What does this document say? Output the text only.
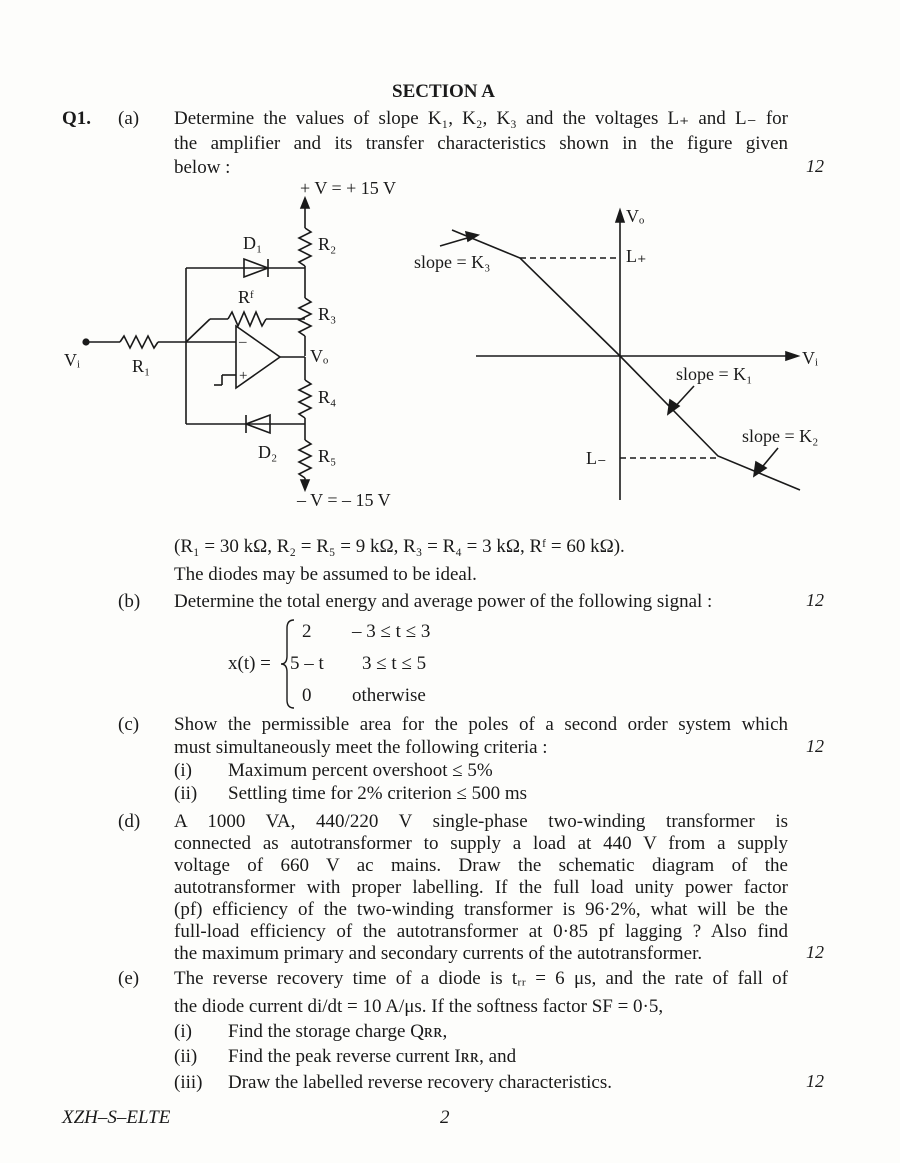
SECTION A
Q1. (a) Determine the values of slope K₁, K₂, K₃ and the voltages L₊ and L₋ for
the amplifier and its transfer characteristics shown in the figure given
below :	12
+ V = + 15 V
D₁	R₂
Rᶠ
R₃
Vᵢ	R₁	Vₒ
–
+
R₄
D₂ R₅
– V = – 15 V
Vₒ
L₊
slope = K₃
Vᵢ
slope = K₁
slope = K₂
L₋
(R₁ = 30 kΩ, R₂ = R₅ = 9 kΩ, R₃ = R₄ = 3 kΩ, Rᶠ = 60 kΩ).
The diodes may be assumed to be ideal.
(b) Determine the total energy and average power of the following signal :	12
x(t) =
2 – 3 ≤ t ≤ 3
5 – t 3 ≤ t ≤ 5
0 otherwise
(c) Show the permissible area for the poles of a second order system which
must simultaneously meet the following criteria :	12
(i) Maximum percent overshoot ≤ 5%
(ii) Settling time for 2% criterion ≤ 500 ms
(d) A 1000 VA, 440/220 V single-phase two-winding transformer is
connected as autotransformer to supply a load at 440 V from a supply
voltage of 660 V ac mains. Draw the schematic diagram of the
autotransformer with proper labelling. If the full load unity power factor
(pf) efficiency of the two-winding transformer is 96·2%, what will be the
full-load efficiency of the autotransformer at 0·85 pf lagging ? Also find
the maximum primary and secondary currents of the autotransformer.	12
(e) The reverse recovery time of a diode is tᵣᵣ = 6 μs, and the rate of fall of
the diode current di/dt = 10 A/μs. If the softness factor SF = 0·5,
(i) Find the storage charge Qʀʀ,
(ii) Find the peak reverse current Iʀʀ, and
(iii) Draw the labelled reverse recovery characteristics.	12
XZH–S–ELTE	2
